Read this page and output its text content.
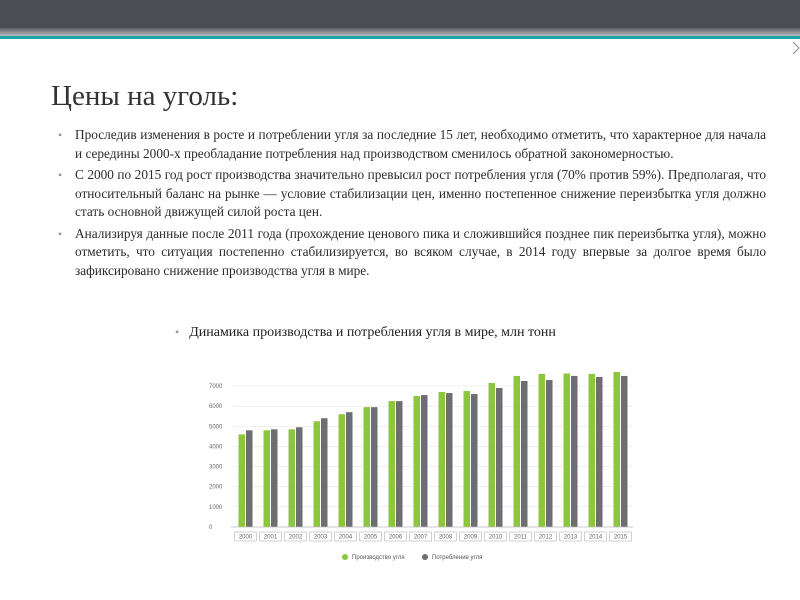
Цены на уголь:
• Проследив изменения в роcте и потреблении угля за последние 15 лет, необходимо отметить, что характерное для начала и середины 2000-х преобладание потребления над производством сменилось обратной закономерностью.
• С 2000 по 2015 год рост производства значительно превысил рост потребления угля (70% против 59%). Предполагая, что относительный баланс на рынке — условие стабилизации цен, именно постепенное снижение переизбытка угля должно стать основной движущей силой роста цен.
• Анализируя данные после 2011 года (прохождение ценового пика и сложившийся позднее пик переизбытка угля), можно отметить, что ситуация постепенно стабилизируется, во всяком случае, в 2014 году впервые за долгое время было зафиксировано снижение производства угля в мире.

• Динамика производства и потребления угля в мире, млн тонн

0
1000
2000
3000
4000
5000
6000
7000
2000 2001 2002 2003 2004 2005 2006 2007 2008 2009 2010 2011 2012 2013 2014 2015
Производство угля	Потребление угля
